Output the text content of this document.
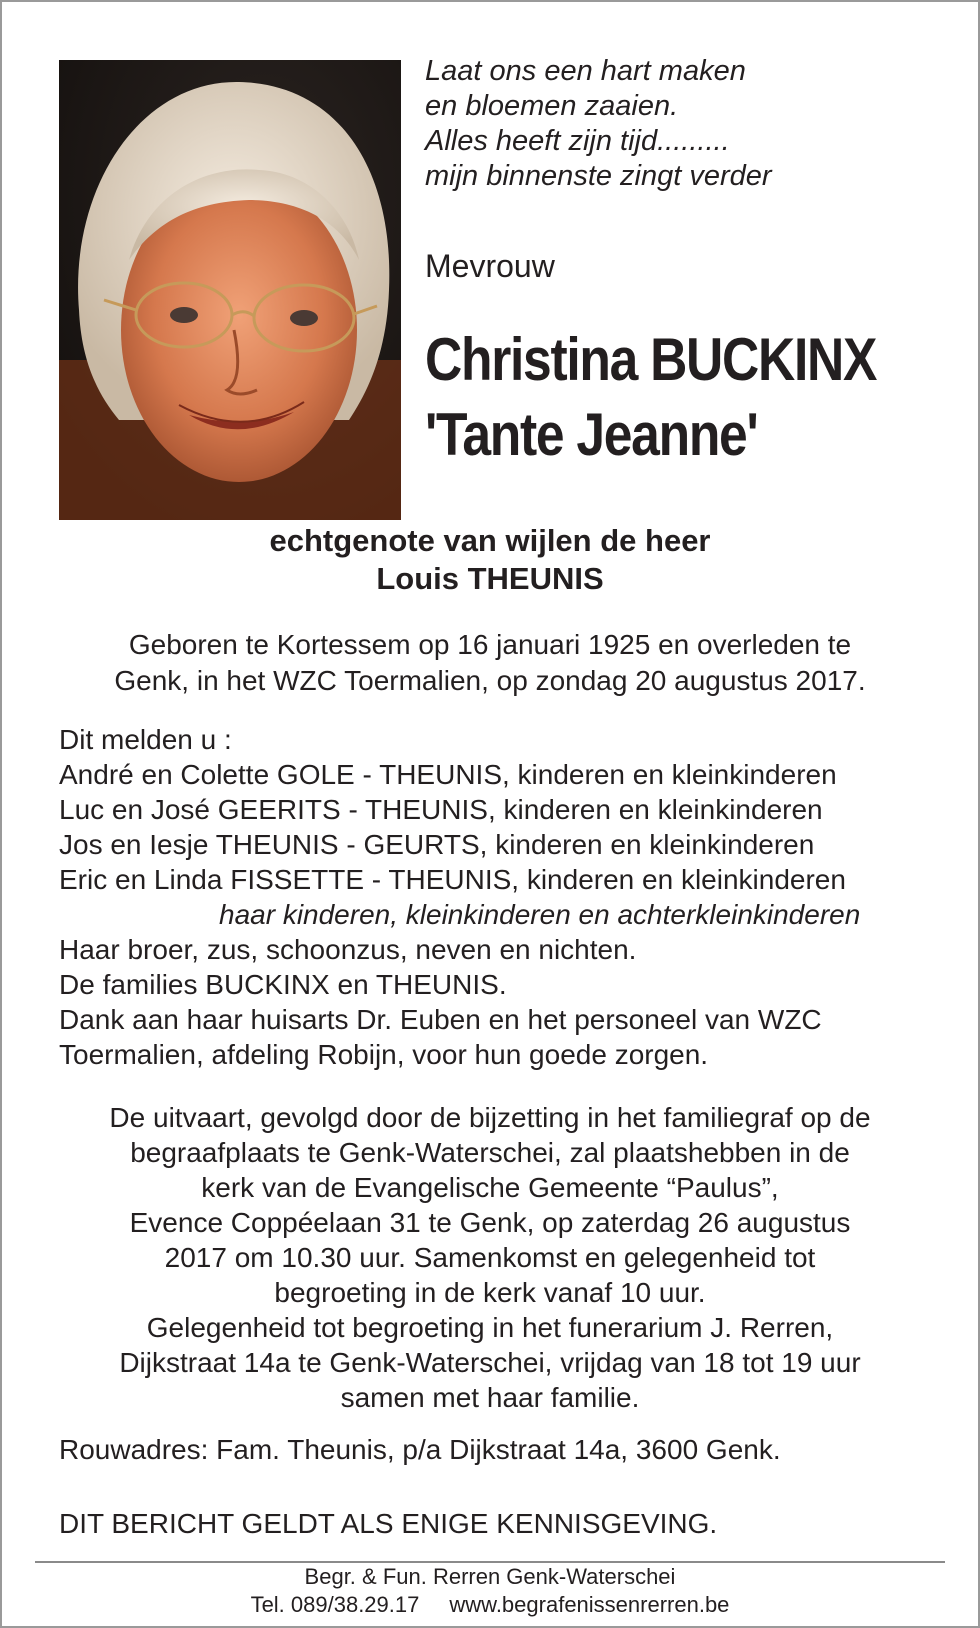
Laat ons een hart maken
en bloemen zaaien.
Alles heeft zijn tijd.........
mijn binnenste zingt verder
Mevrouw
Christina BUCKINX
'Tante Jeanne'
echtgenote van wijlen de heer
Louis THEUNIS
Geboren te Kortessem op 16 januari 1925 en overleden te
Genk, in het WZC Toermalien, op zondag 20 augustus 2017.
Dit melden u :
André en Colette GOLE - THEUNIS, kinderen en kleinkinderen
Luc en José GEERITS - THEUNIS, kinderen en kleinkinderen
Jos en Iesje THEUNIS - GEURTS, kinderen en kleinkinderen
Eric en Linda FISSETTE - THEUNIS, kinderen en kleinkinderen
haar kinderen, kleinkinderen en achterkleinkinderen
Haar broer, zus, schoonzus, neven en nichten.
De families BUCKINX en THEUNIS.
Dank aan haar huisarts Dr. Euben en het personeel van WZC
Toermalien, afdeling Robijn, voor hun goede zorgen.
De uitvaart, gevolgd door de bijzetting in het familiegraf op de
begraafplaats te Genk-Waterschei, zal plaatshebben in de
kerk van de Evangelische Gemeente “Paulus”,
Evence Coppéelaan 31 te Genk, op zaterdag 26 augustus
2017 om 10.30 uur. Samenkomst en gelegenheid tot
begroeting in de kerk vanaf 10 uur.
Gelegenheid tot begroeting in het funerarium J. Rerren,
Dijkstraat 14a te Genk-Waterschei, vrijdag van 18 tot 19 uur
samen met haar familie.
Rouwadres: Fam. Theunis, p/a Dijkstraat 14a, 3600 Genk.
DIT BERICHT GELDT ALS ENIGE KENNISGEVING.
Begr. & Fun. Rerren Genk-Waterschei
Tel. 089/38.29.17 www.begrafenissenrerren.be
